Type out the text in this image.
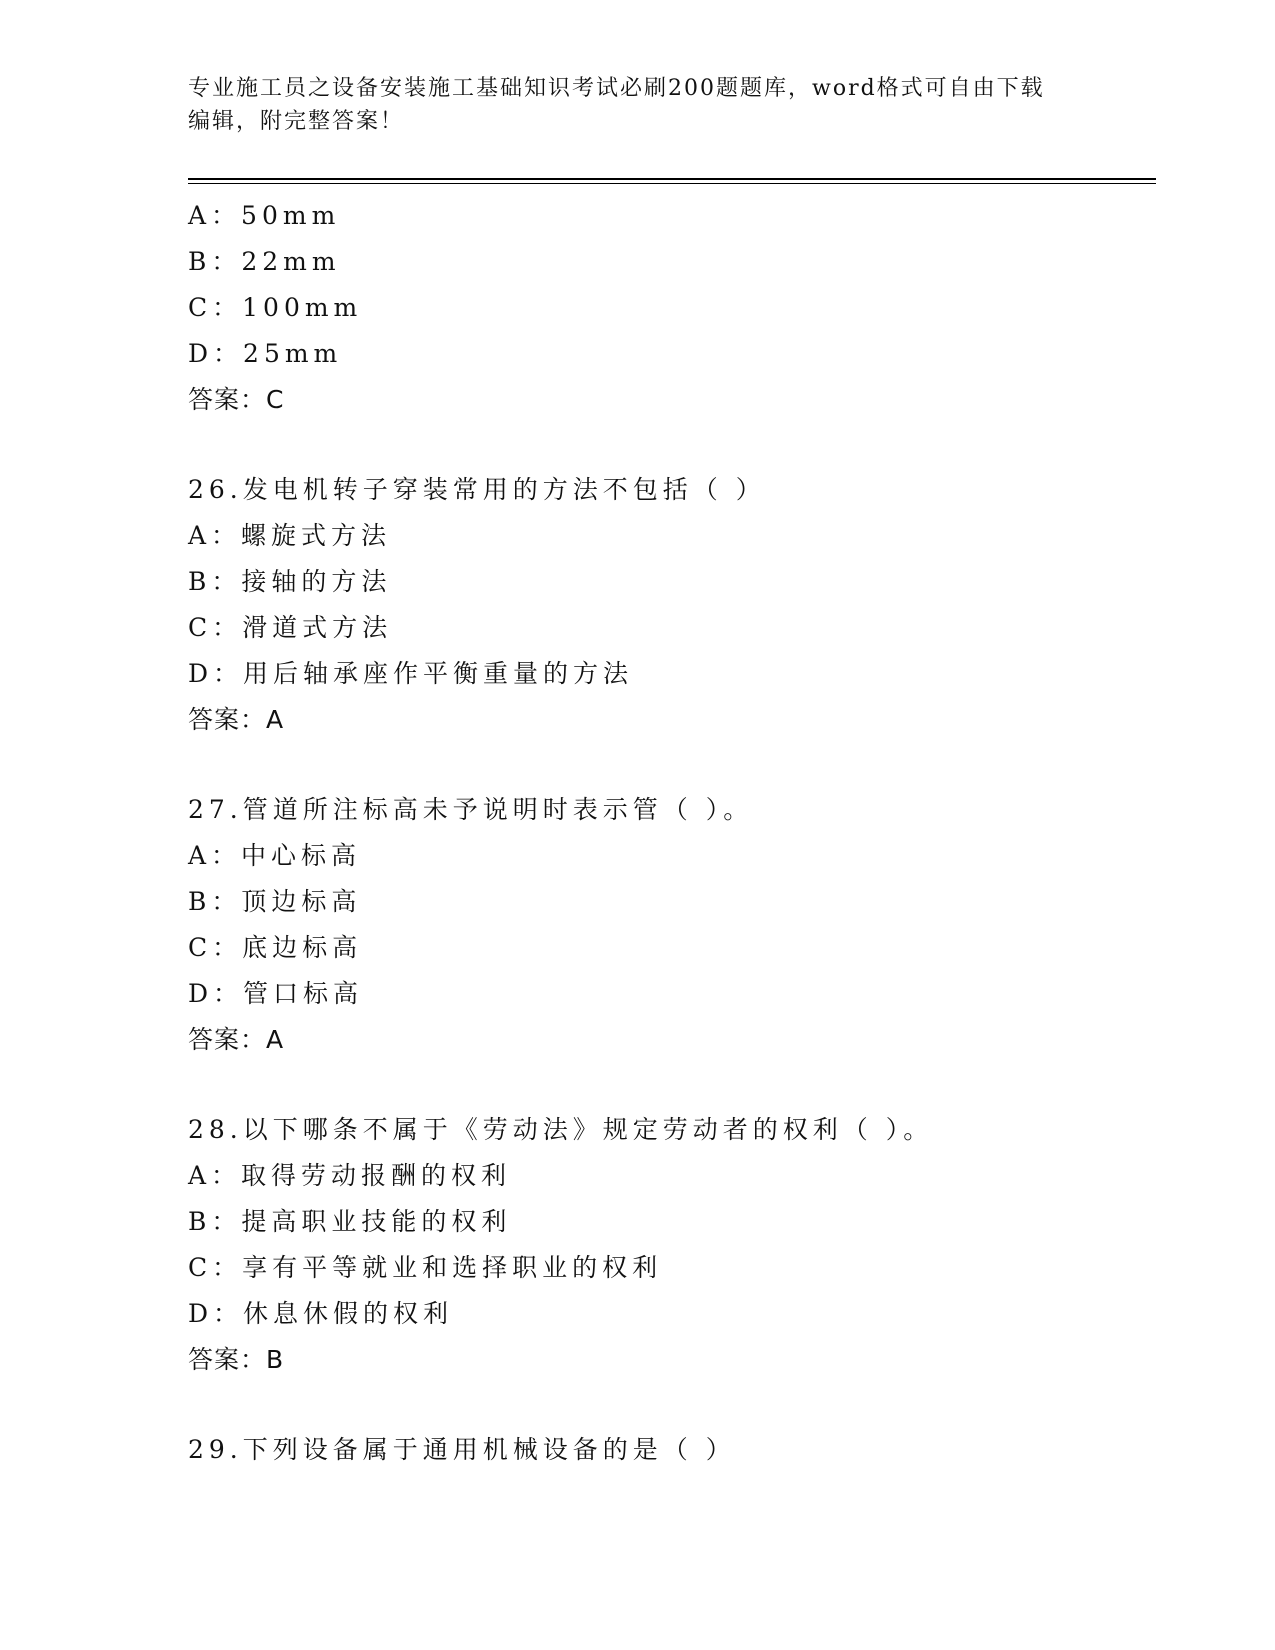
专业施工员之设备安装施工基础知识考试必刷200题题库，word格式可自由下载
编辑，附完整答案！
A：50mm
B：22mm
C：100mm
D：25mm
答案：C
26.发电机转子穿装常用的方法不包括（ ）
A：螺旋式方法
B：接轴的方法
C：滑道式方法
D：用后轴承座作平衡重量的方法
答案：A
27.管道所注标高未予说明时表示管（ ）。
A：中心标高
B：顶边标高
C：底边标高
D：管口标高
答案：A
28.以下哪条不属于《劳动法》规定劳动者的权利（ ）。
A：取得劳动报酬的权利
B：提高职业技能的权利
C：享有平等就业和选择职业的权利
D：休息休假的权利
答案：B
29.下列设备属于通用机械设备的是（ ）
